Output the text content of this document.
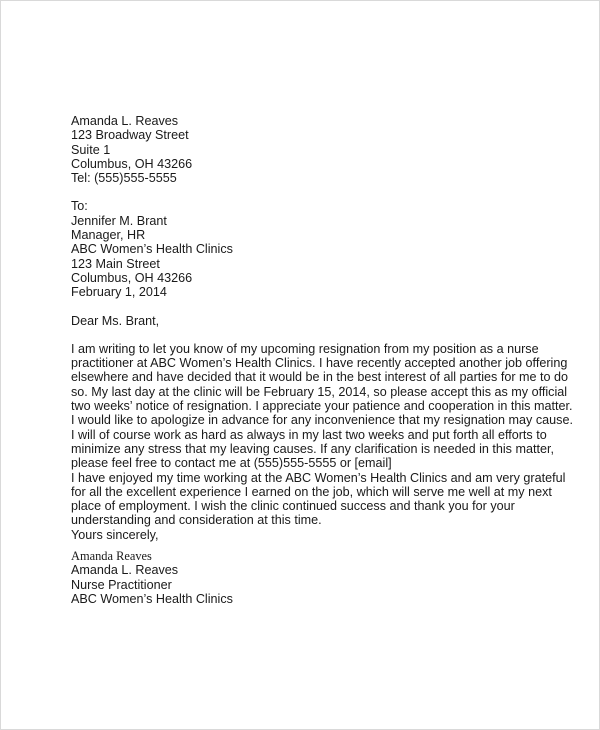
Amanda L. Reaves
123 Broadway Street
Suite 1
Columbus, OH 43266
Tel: (555)555-5555
To:
Jennifer M. Brant
Manager, HR
ABC Women’s Health Clinics
123 Main Street
Columbus, OH 43266
February 1, 2014
Dear Ms. Brant,
I am writing to let you know of my upcoming resignation from my position as a nurse
practitioner at ABC Women’s Health Clinics. I have recently accepted another job offering
elsewhere and have decided that it would be in the best interest of all parties for me to do
so. My last day at the clinic will be February 15, 2014, so please accept this as my official
two weeks’ notice of resignation. I appreciate your patience and cooperation in this matter.
I would like to apologize in advance for any inconvenience that my resignation may cause.
I will of course work as hard as always in my last two weeks and put forth all efforts to
minimize any stress that my leaving causes. If any clarification is needed in this matter,
please feel free to contact me at (555)555-5555 or [email]
I have enjoyed my time working at the ABC Women’s Health Clinics and am very grateful
for all the excellent experience I earned on the job, which will serve me well at my next
place of employment. I wish the clinic continued success and thank you for your
understanding and consideration at this time.
Yours sincerely,
Amanda Reaves
Amanda L. Reaves
Nurse Practitioner
ABC Women’s Health Clinics
